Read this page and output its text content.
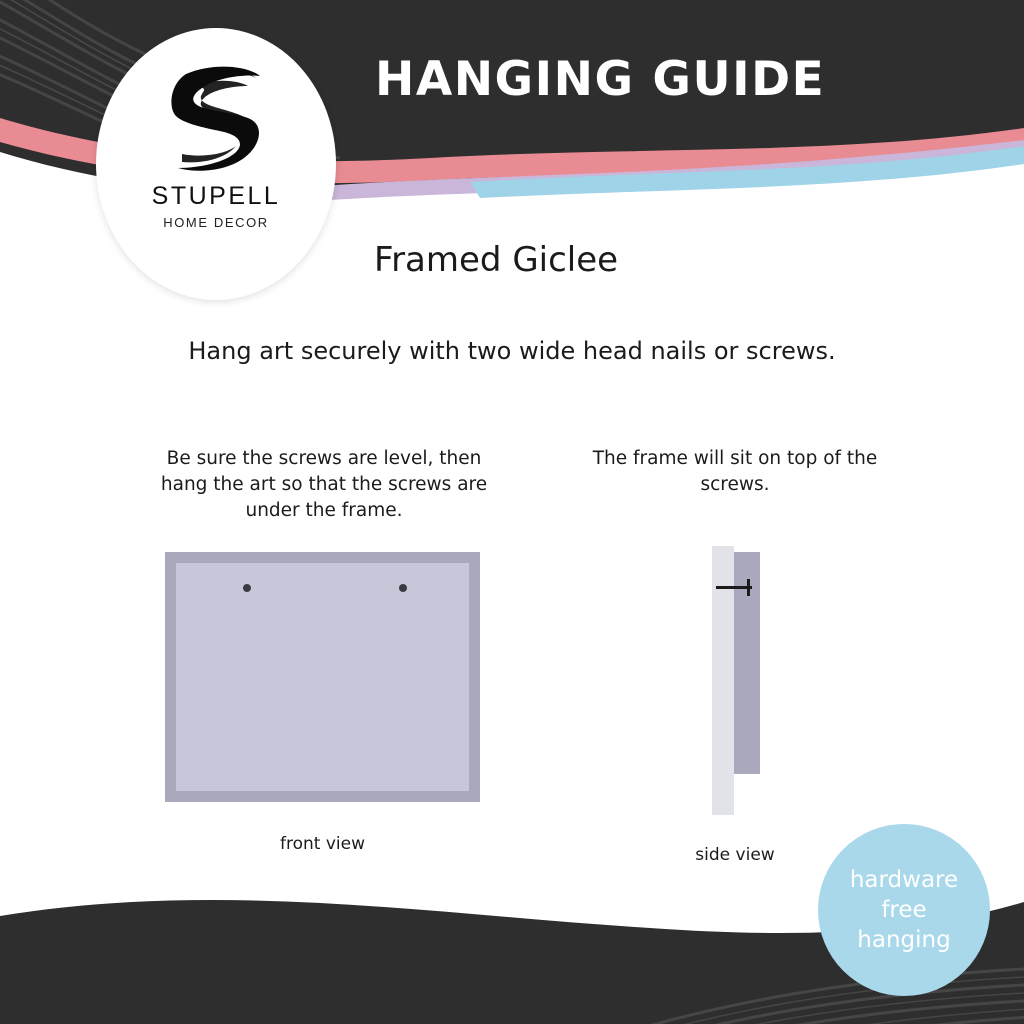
HANGING GUIDE
STUPELL
HOME DECOR
Framed Giclee
Hang art securely with two wide head nails or screws.
Be sure the screws are level, then hang the art so that the screws are under the frame.
front view
The frame will sit on top of the screws.
side view
hardware
free
hanging
